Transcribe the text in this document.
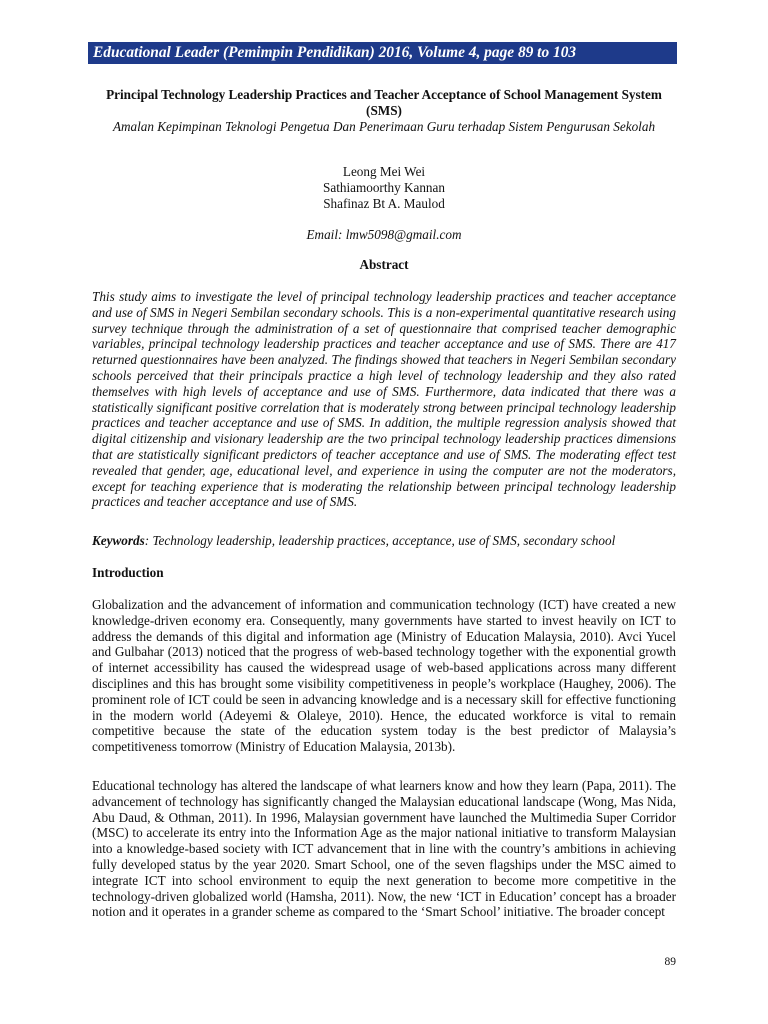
Educational Leader (Pemimpin Pendidikan) 2016, Volume 4, page 89 to 103
Principal Technology Leadership Practices and Teacher Acceptance of School Management System (SMS)
Amalan Kepimpinan Teknologi Pengetua Dan Penerimaan Guru terhadap Sistem Pengurusan Sekolah
Leong Mei Wei
Sathiamoorthy Kannan
Shafinaz Bt A. Maulod
Email: lmw5098@gmail.com
Abstract
This study aims to investigate the level of principal technology leadership practices and teacher acceptance and use of SMS in Negeri Sembilan secondary schools. This is a non-experimental quantitative research using survey technique through the administration of a set of questionnaire that comprised teacher demographic variables, principal technology leadership practices and teacher acceptance and use of SMS. There are 417 returned questionnaires have been analyzed. The findings showed that teachers in Negeri Sembilan secondary schools perceived that their principals practice a high level of technology leadership and they also rated themselves with high levels of acceptance and use of SMS. Furthermore, data indicated that there was a statistically significant positive correlation that is moderately strong between principal technology leadership practices and teacher acceptance and use of SMS. In addition, the multiple regression analysis showed that digital citizenship and visionary leadership are the two principal technology leadership practices dimensions that are statistically significant predictors of teacher acceptance and use of SMS. The moderating effect test revealed that gender, age, educational level, and experience in using the computer are not the moderators, except for teaching experience that is moderating the relationship between principal technology leadership practices and teacher acceptance and use of SMS.
Keywords: Technology leadership, leadership practices, acceptance, use of SMS, secondary school
Introduction
Globalization and the advancement of information and communication technology (ICT) have created a new knowledge-driven economy era. Consequently, many governments have started to invest heavily on ICT to address the demands of this digital and information age (Ministry of Education Malaysia, 2010). Avci Yucel and Gulbahar (2013) noticed that the progress of web-based technology together with the exponential growth of internet accessibility has caused the widespread usage of web-based applications across many different disciplines and this has brought some visibility competitiveness in people’s workplace (Haughey, 2006). The prominent role of ICT could be seen in advancing knowledge and is a necessary skill for effective functioning in the modern world (Adeyemi & Olaleye, 2010). Hence, the educated workforce is vital to remain competitive because the state of the education system today is the best predictor of Malaysia’s competitiveness tomorrow (Ministry of Education Malaysia, 2013b).
Educational technology has altered the landscape of what learners know and how they learn (Papa, 2011). The advancement of technology has significantly changed the Malaysian educational landscape (Wong, Mas Nida, Abu Daud, & Othman, 2011). In 1996, Malaysian government have launched the Multimedia Super Corridor (MSC) to accelerate its entry into the Information Age as the major national initiative to transform Malaysian into a knowledge-based society with ICT advancement that in line with the country’s ambitions in achieving fully developed status by the year 2020. Smart School, one of the seven flagships under the MSC aimed to integrate ICT into school environment to equip the next generation to become more competitive in the technology-driven globalized world (Hamsha, 2011). Now, the new ‘ICT in Education’ concept has a broader notion and it operates in a grander scheme as compared to the ‘Smart School’ initiative. The broader concept
89
